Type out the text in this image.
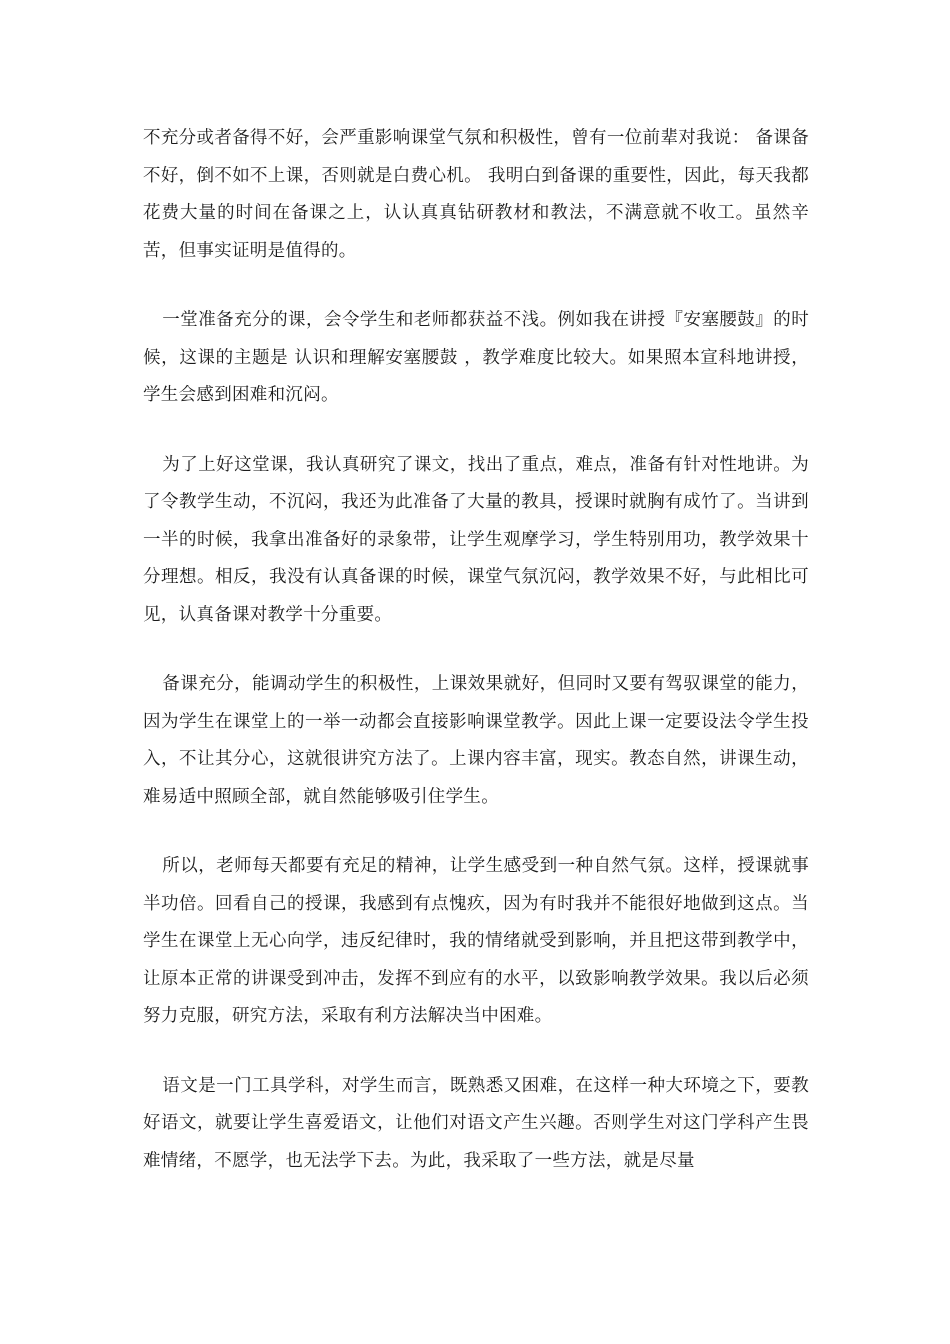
不充分或者备得不好，会严重影响课堂气氛和积极性，曾有一位前辈对我说： 备课备不好，倒不如不上课，否则就是白费心机。 我明白到备课的重要性，因此，每天我都花费大量的时间在备课之上，认认真真钻研教材和教法，不满意就不收工。虽然辛苦，但事实证明是值得的。

一堂准备充分的课，会令学生和老师都获益不浅。例如我在讲授『安塞腰鼓』的时候，这课的主题是 认识和理解安塞腰鼓 ，教学难度比较大。如果照本宣科地讲授，学生会感到困难和沉闷。

为了上好这堂课，我认真研究了课文，找出了重点，难点，准备有针对性地讲。为了令教学生动，不沉闷，我还为此准备了大量的教具，授课时就胸有成竹了。当讲到一半的时候，我拿出准备好的录象带，让学生观摩学习，学生特别用功，教学效果十分理想。相反，我没有认真备课的时候，课堂气氛沉闷，教学效果不好，与此相比可见，认真备课对教学十分重要。

备课充分，能调动学生的积极性，上课效果就好，但同时又要有驾驭课堂的能力，因为学生在课堂上的一举一动都会直接影响课堂教学。因此上课一定要设法令学生投入，不让其分心，这就很讲究方法了。上课内容丰富，现实。教态自然，讲课生动，难易适中照顾全部，就自然能够吸引住学生。

所以，老师每天都要有充足的精神，让学生感受到一种自然气氛。这样，授课就事半功倍。回看自己的授课，我感到有点愧疚，因为有时我并不能很好地做到这点。当学生在课堂上无心向学，违反纪律时，我的情绪就受到影响，并且把这带到教学中，让原本正常的讲课受到冲击，发挥不到应有的水平，以致影响教学效果。我以后必须努力克服，研究方法，采取有利方法解决当中困难。

语文是一门工具学科，对学生而言，既熟悉又困难，在这样一种大环境之下，要教好语文，就要让学生喜爱语文，让他们对语文产生兴趣。否则学生对这门学科产生畏难情绪，不愿学，也无法学下去。为此，我采取了一些方法，就是尽量
